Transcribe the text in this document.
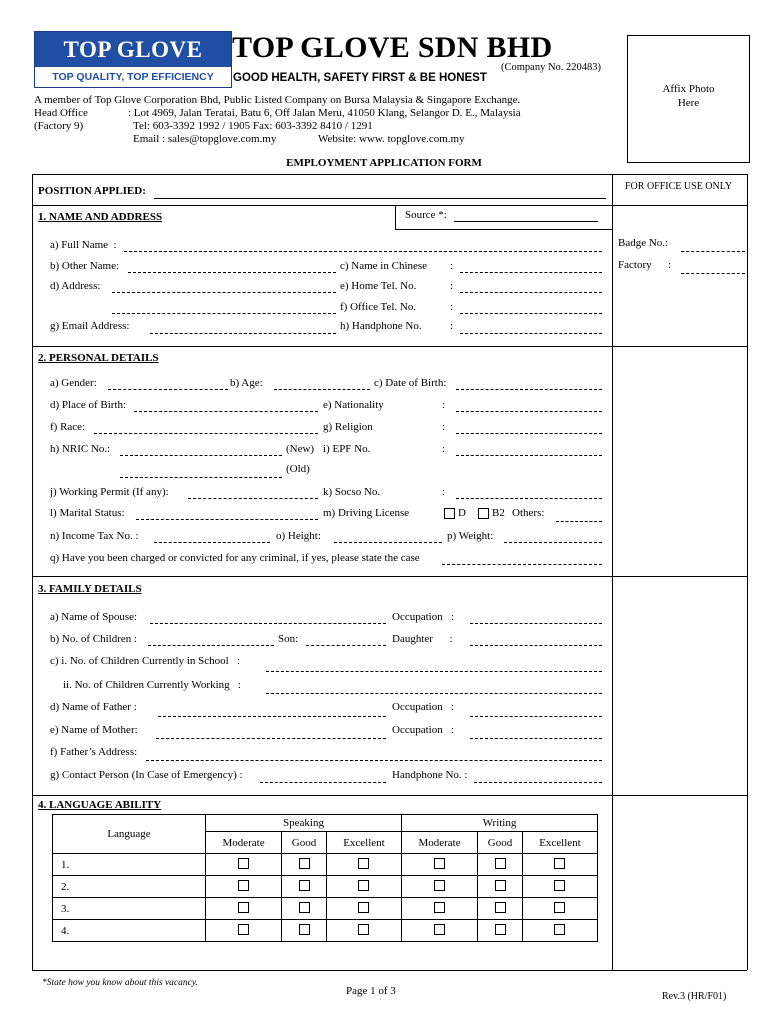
TOP GLOVE
TOP QUALITY, TOP EFFICIENCY
TOP GLOVE SDN BHD
(Company No. 220483)
GOOD HEALTH, SAFETY FIRST & BE HONEST
A member of Top Glove Corporation Bhd, Public Listed Company on Bursa Malaysia & Singapore Exchange.
Head Office	: Lot 4969, Jalan Teratai, Batu 6, Off Jalan Meru, 41050 Klang, Selangor D. E., Malaysia
(Factory 9)	Tel: 603-3392 1992 / 1905 Fax: 603-3392 8410 / 1291
Email : sales@topglove.com.my	Website: www. topglove.com.my
Affix Photo
Here
EMPLOYMENT APPLICATION FORM
FOR OFFICE USE ONLY
Badge No.:
Factory :
POSITION APPLIED:
1. NAME AND ADDRESS	Source *:
a) Full Name  :
b) Other Name:	c) Name in Chinese :
d) Address:	e) Home Tel. No.	:
f) Office Tel. No.	:
g) Email Address:	h) Handphone No.	:
2. PERSONAL DETAILS
a) Gender:	b) Age:	c) Date of Birth:
d) Place of Birth:	e) Nationality	:
f) Race:	g) Religion	:
h) NRIC No.:	(New) i) EPF No.	:
(Old)
j) Working Permit (If any):	k) Socso No.	:
l) Marital Status:	m) Driving License	D B2 Others:
n) Income Tax No. :	o) Height:	p) Weight:
q) Have you been charged or convicted for any criminal, if yes, please state the case
3. FAMILY DETAILS
a) Name of Spouse:	Occupation   :
b) No. of Children :	Son:	Daughter      :
c) i. No. of Children Currently in School   :
ii. No. of Children Currently Working   :
d) Name of Father :	Occupation   :
e) Name of Mother:	Occupation   :
f) Father’s Address:
g) Contact Person (In Case of Emergency) :	Handphone No. :
4. LANGUAGE ABILITY
Language	Speaking			Writing		
	Moderate	Good	Excellent	Moderate	Good	Excellent
1.						
2.						
3.						
4.						
*State how you know about this vacancy.
Page 1 of 3	Rev.3 (HR/F01)
